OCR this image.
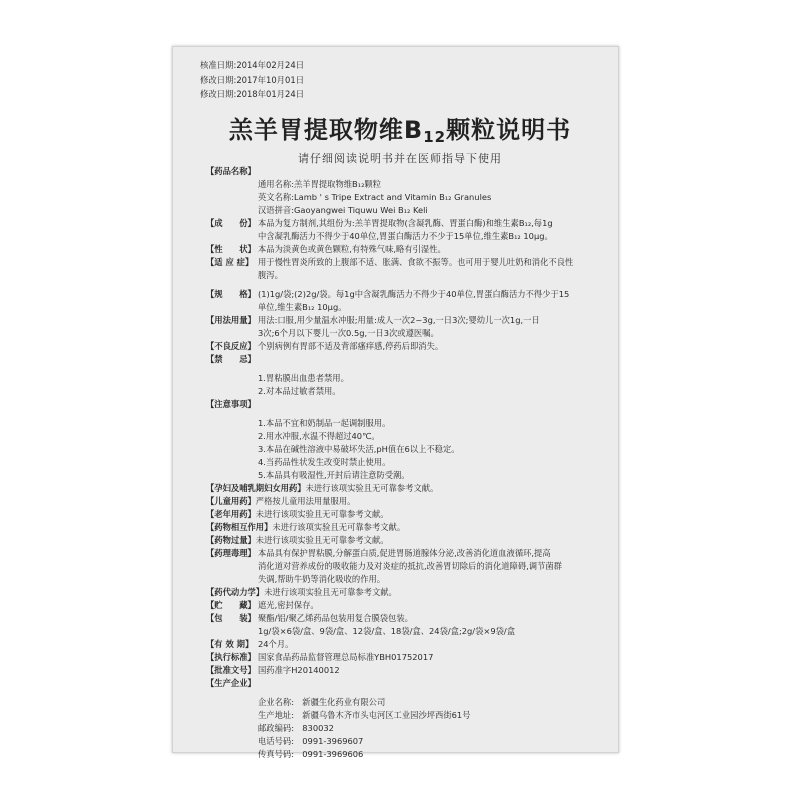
核准日期:2014年02月24日
修改日期:2017年10月01日
修改日期:2018年01月24日
羔羊胃提取物维$B_{12}$颗粒说明书
请仔细阅读说明书并在医师指导下使用
【药品名称】
通用名称:羔羊胃提取物维B₁₂颗粒
英文名称:Lamb ' s Tripe Extract and Vitamin B₁₂ Granules
汉语拼音:Gaoyangwei Tiquwu Wei B₁₂ Keli
【成　　份】 本品为复方制剂,其组份为:羔羊胃提取物(含凝乳酶、胃蛋白酶)和维生素B₁₂,每1g
中含凝乳酶活力不得少于40单位,胃蛋白酶活力不少于15单位,维生素B₁₂ 10μg。
【性　　状】 本品为淡黄色或黄色颗粒,有特殊气味,略有引湿性。
【适 应 症】 用于慢性胃炎所致的上腹部不适、胀满、食欲不振等。也可用于婴儿吐奶和消化不良性
腹泻。
【规　　格】 (1)1g/袋;(2)2g/袋。每1g中含凝乳酶活力不得少于40单位,胃蛋白酶活力不得少于15
单位,维生素B₁₂ 10μg。
【用法用量】 用法:口服,用少量温水冲服;用量:成人一次2~3g,一日3次;婴幼儿一次1g,一日
3次;6个月以下婴儿一次0.5g,一日3次或遵医嘱。
【不良反应】 个别病例有胃部不适及背部瘙痒感,停药后即消失。
【禁　　忌】
1.胃粘膜出血患者禁用。
2.对本品过敏者禁用。
【注意事项】
1.本品不宜和奶制品一起调制服用。
2.用水冲服,水温不得超过40℃。
3.本品在碱性溶液中易破坏失活,pH值在6以上不稳定。
4.当药品性状发生改变时禁止使用。
5.本品具有吸湿性,开封后请注意防受潮。
【孕妇及哺乳期妇女用药】未进行该项实验且无可靠参考文献。
【儿童用药】严格按儿童用法用量服用。
【老年用药】未进行该项实验且无可靠参考文献。
【药物相互作用】未进行该项实验且无可靠参考文献。
【药物过量】未进行该项实验且无可靠参考文献。
【药理毒理】 本品具有保护胃粘膜,分解蛋白质,促进胃肠道腺体分泌,改善消化道血液循环,提高
消化道对营养成份的吸收能力及对炎症的抵抗,改善胃切除后的消化道障碍,调节菌群
失调,帮助牛奶等消化吸收的作用。
【药代动力学】未进行该项实验且无可靠参考文献。
【贮　　藏】 遮光,密封保存。
【包　　装】 聚酯/铝/聚乙烯药品包装用复合膜袋包装。
1g/袋×6袋/盒、9袋/盒、12袋/盒、18袋/盒、24袋/盒;2g/袋×9袋/盒
【有 效 期】 24个月。
【执行标准】 国家食品药品监督管理总局标准YBH01752017
【批准文号】 国药准字H20140012
【生产企业】
企业名称:　新疆生化药业有限公司
生产地址:　新疆乌鲁木齐市头屯河区工业园沙坪西街61号
邮政编码:　830032
电话号码:　0991-3969607
传真号码:　0991-3969606
